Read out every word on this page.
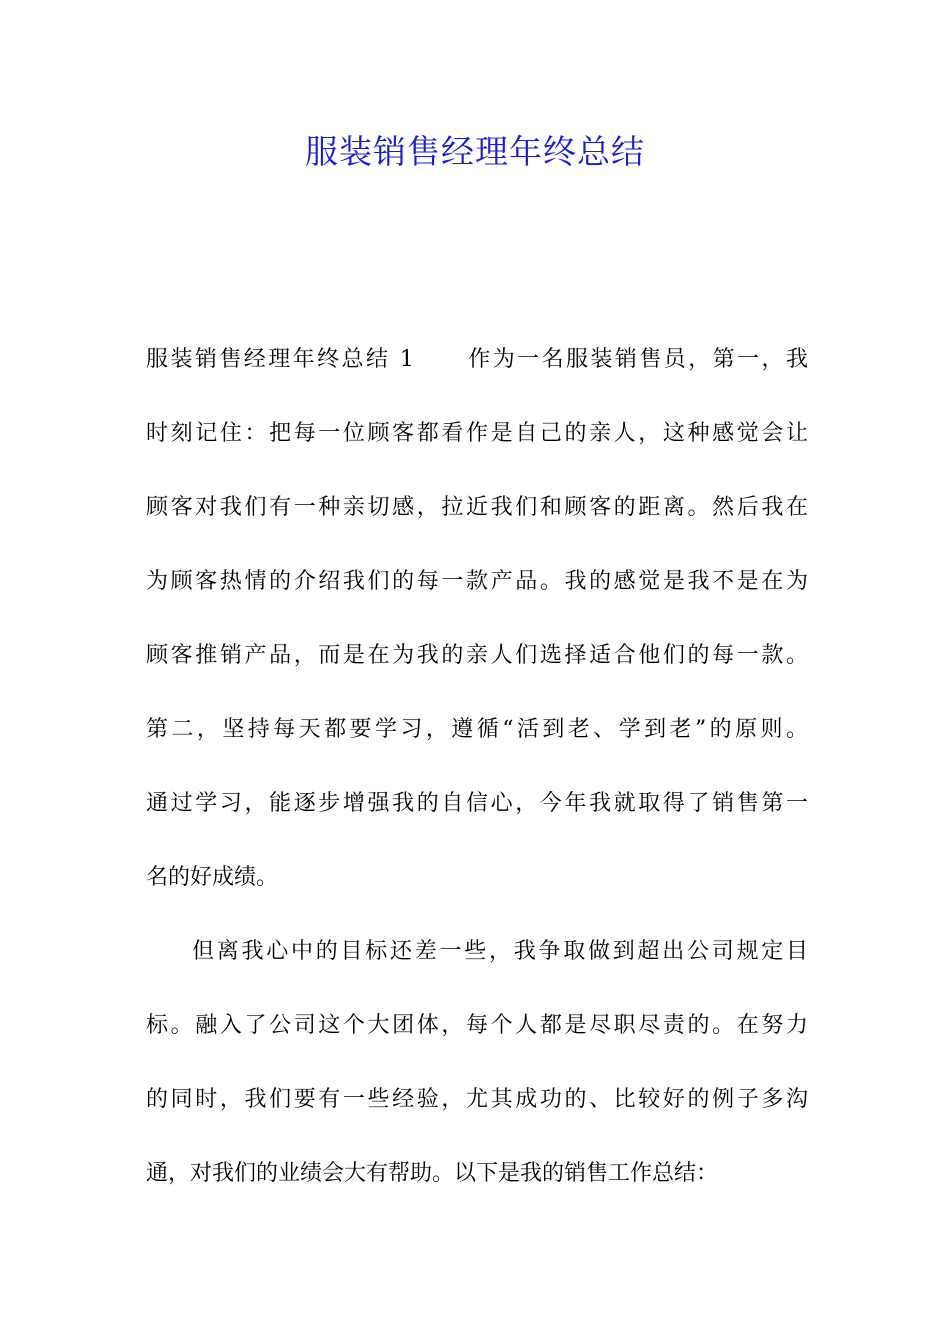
服装销售经理年终总结
服装销售经理年终总结 1 作为一名服装销售员，第一，我
时刻记住：把每一位顾客都看作是自己的亲人，这种感觉会让
顾客对我们有一种亲切感，拉近我们和顾客的距离。然后我在
为顾客热情的介绍我们的每一款产品。我的感觉是我不是在为
顾客推销产品，而是在为我的亲人们选择适合他们的每一款。
第二，坚持每天都要学习，遵循“活到老、学到老”的原则。
通过学习，能逐步增强我的自信心，今年我就取得了销售第一
名的好成绩。
但离我心中的目标还差一些，我争取做到超出公司规定目
标。融入了公司这个大团体，每个人都是尽职尽责的。在努力
的同时，我们要有一些经验，尤其成功的、比较好的例子多沟
通，对我们的业绩会大有帮助。以下是我的销售工作总结：
